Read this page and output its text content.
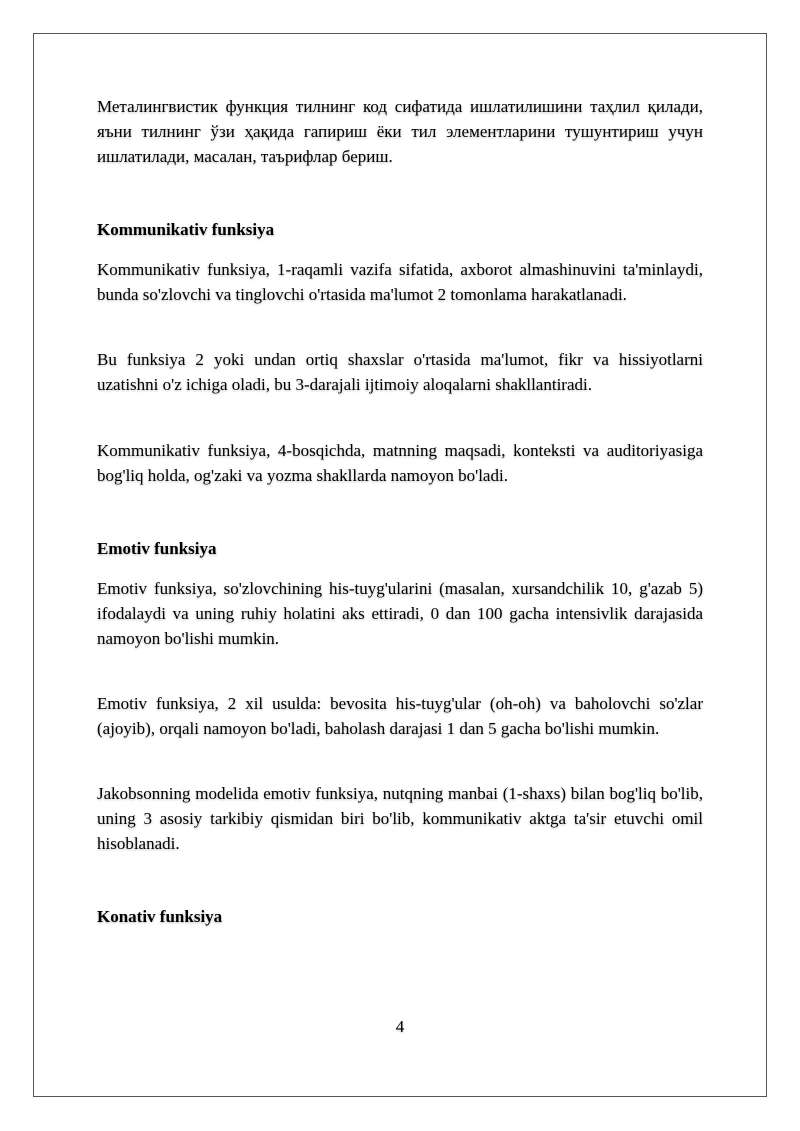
Металингвистик функция тилнинг код сифатида ишлатилишини таҳлил қилади, яъни тилнинг ўзи ҳақида гапириш ёки тил элементларини тушунтириш учун ишлатилади, масалан, таърифлар бериш.

Kommunikativ funksiya

Kommunikativ funksiya, 1-raqamli vazifa sifatida, axborot almashinuvini ta'minlaydi, bunda so'zlovchi va tinglovchi o'rtasida ma'lumot 2 tomonlama harakatlanadi.

Bu funksiya 2 yoki undan ortiq shaxslar o'rtasida ma'lumot, fikr va hissiyotlarni uzatishni o'z ichiga oladi, bu 3-darajali ijtimoiy aloqalarni shakllantiradi.

Kommunikativ funksiya, 4-bosqichda, matnning maqsadi, konteksti va auditoriyasiga bog'liq holda, og'zaki va yozma shakllarda namoyon bo'ladi.

Emotiv funksiya

Emotiv funksiya, so'zlovchining his-tuyg'ularini (masalan, xursandchilik 10, g'azab 5) ifodalaydi va uning ruhiy holatini aks ettiradi, 0 dan 100 gacha intensivlik darajasida namoyon bo'lishi mumkin.

Emotiv funksiya, 2 xil usulda: bevosita his-tuyg'ular (oh-oh) va baholovchi so'zlar (ajoyib), orqali namoyon bo'ladi, baholash darajasi 1 dan 5 gacha bo'lishi mumkin.

Jakobsonning modelida emotiv funksiya, nutqning manbai (1-shaxs) bilan bog'liq bo'lib, uning 3 asosiy tarkibiy qismidan biri bo'lib, kommunikativ aktga ta'sir etuvchi omil hisoblanadi.

Konativ funksiya
4
